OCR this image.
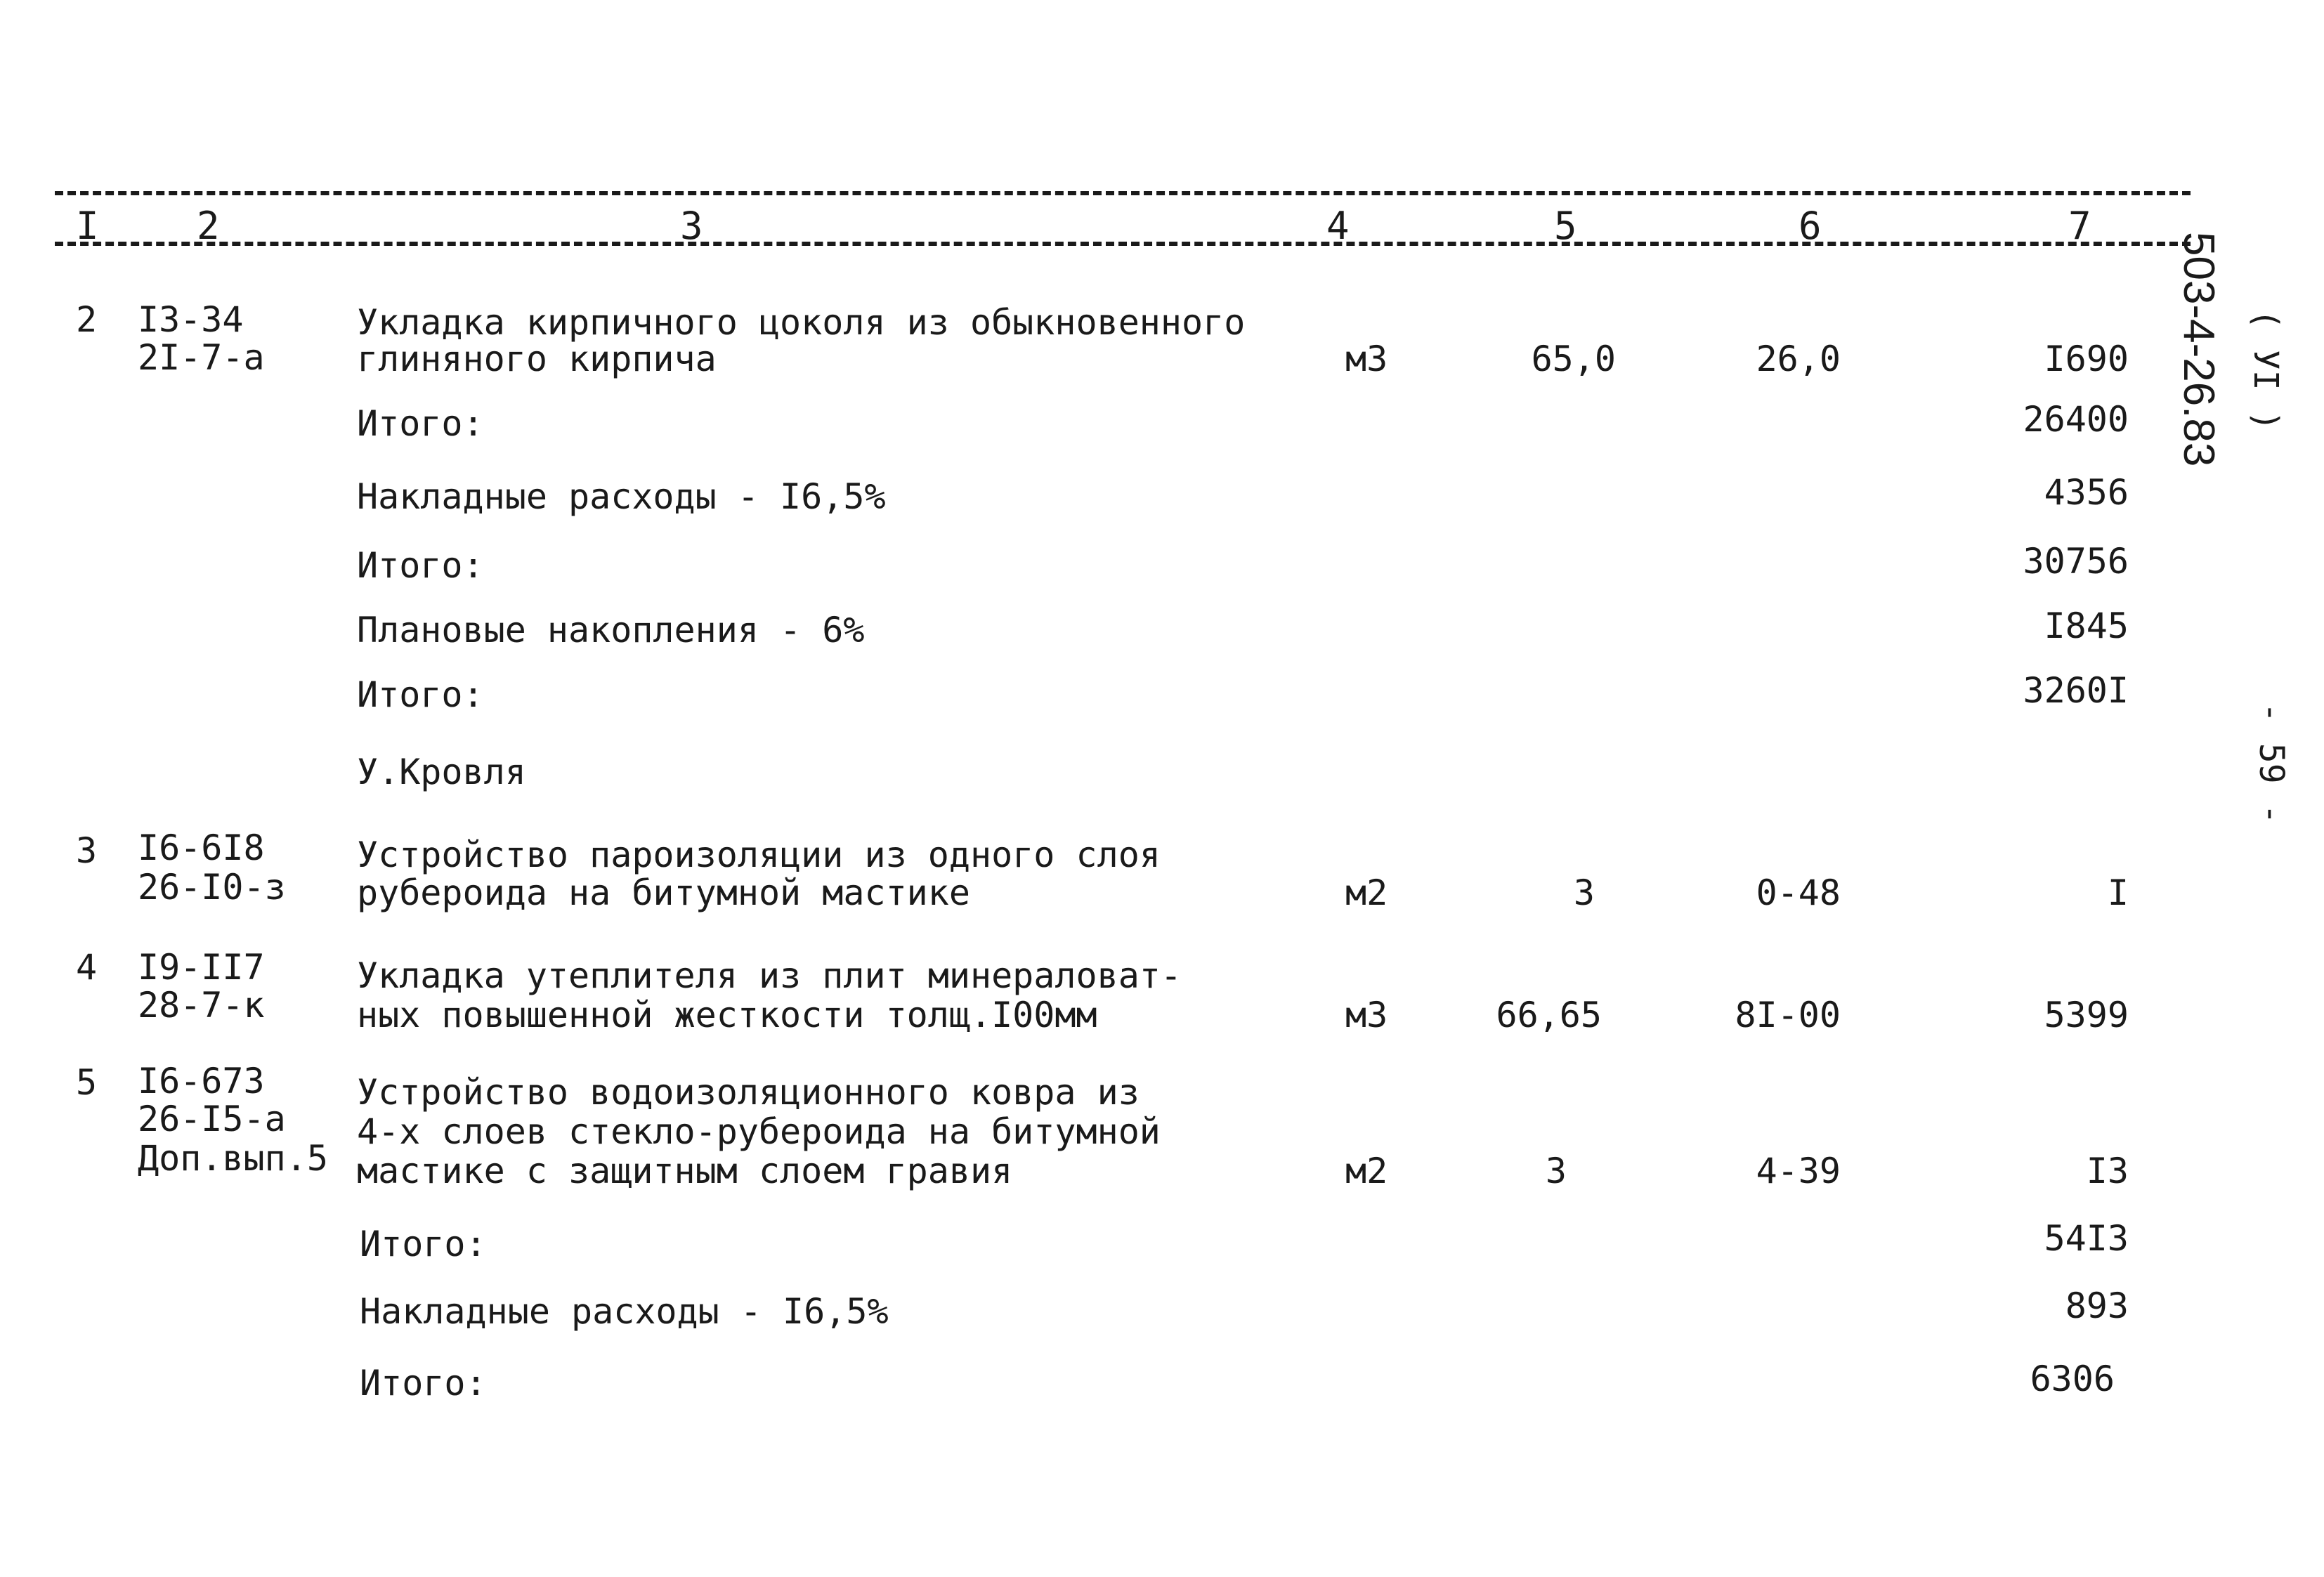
I	2	3	4	5	6	7
2 I3-34
2I-7-а
Укладка кирпичного цоколя из обыкновенного
глиняного кирпича	м3	65,0	26,0	I690
Итого:	26400
Накладные расходы - I6,5%	4356
Итого:	30756
Плановые накопления - 6%	I845
Итого:	3260I
У.Кровля
3 I6-6I8
26-I0-з
Устройство пароизоляции из одного слоя
рубероида на битумной мастике	м2	3	0-48	I
4 I9-II7
28-7-к
Укладка утеплителя из плит минераловат-
ных повышенной жесткости толщ.I00мм	м3	66,65	8I-00	5399
5 I6-673
26-I5-а
Доп.вып.5
Устройство водоизоляционного ковра из
4-х слоев стекло-рубероида на битумной
мастике с защитным слоем гравия	м2	3	4-39	I3
Итого:	54I3
Накладные расходы - I6,5%	893
Итого:	6306
503-4-26.83 ( УI )
- 59 -
